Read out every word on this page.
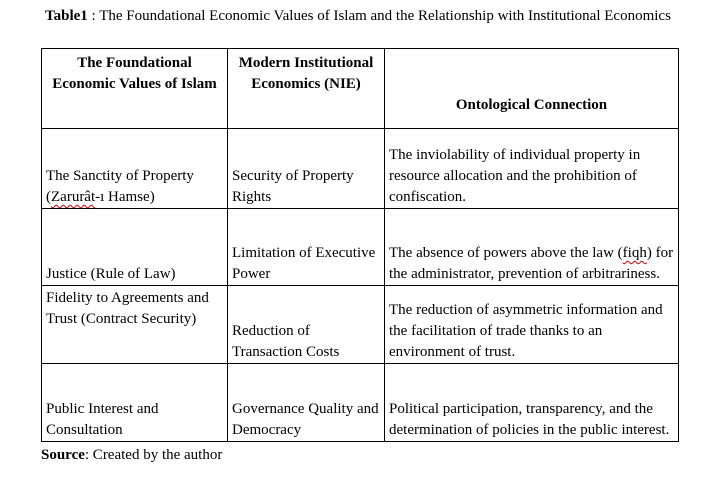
Table1 : The Foundational Economic Values of Islam and the Relationship with Institutional Economics
The Foundational Economic Values of Islam	Modern Institutional Economics (NIE)	Ontological Connection
The Sanctity of Property (Zarurât-ı Hamse)	Security of Property Rights	The inviolability of individual property in resource allocation and the prohibition of confiscation.
Justice (Rule of Law)	Limitation of Executive Power	The absence of powers above the law (fiqh) for the administrator, prevention of arbitrariness.
Fidelity to Agreements and Trust (Contract Security)	Reduction of Transaction Costs	The reduction of asymmetric information and the facilitation of trade thanks to an environment of trust.
Public Interest and Consultation	Governance Quality and Democracy	Political participation, transparency, and the determination of policies in the public interest.
Source: Created by the author
